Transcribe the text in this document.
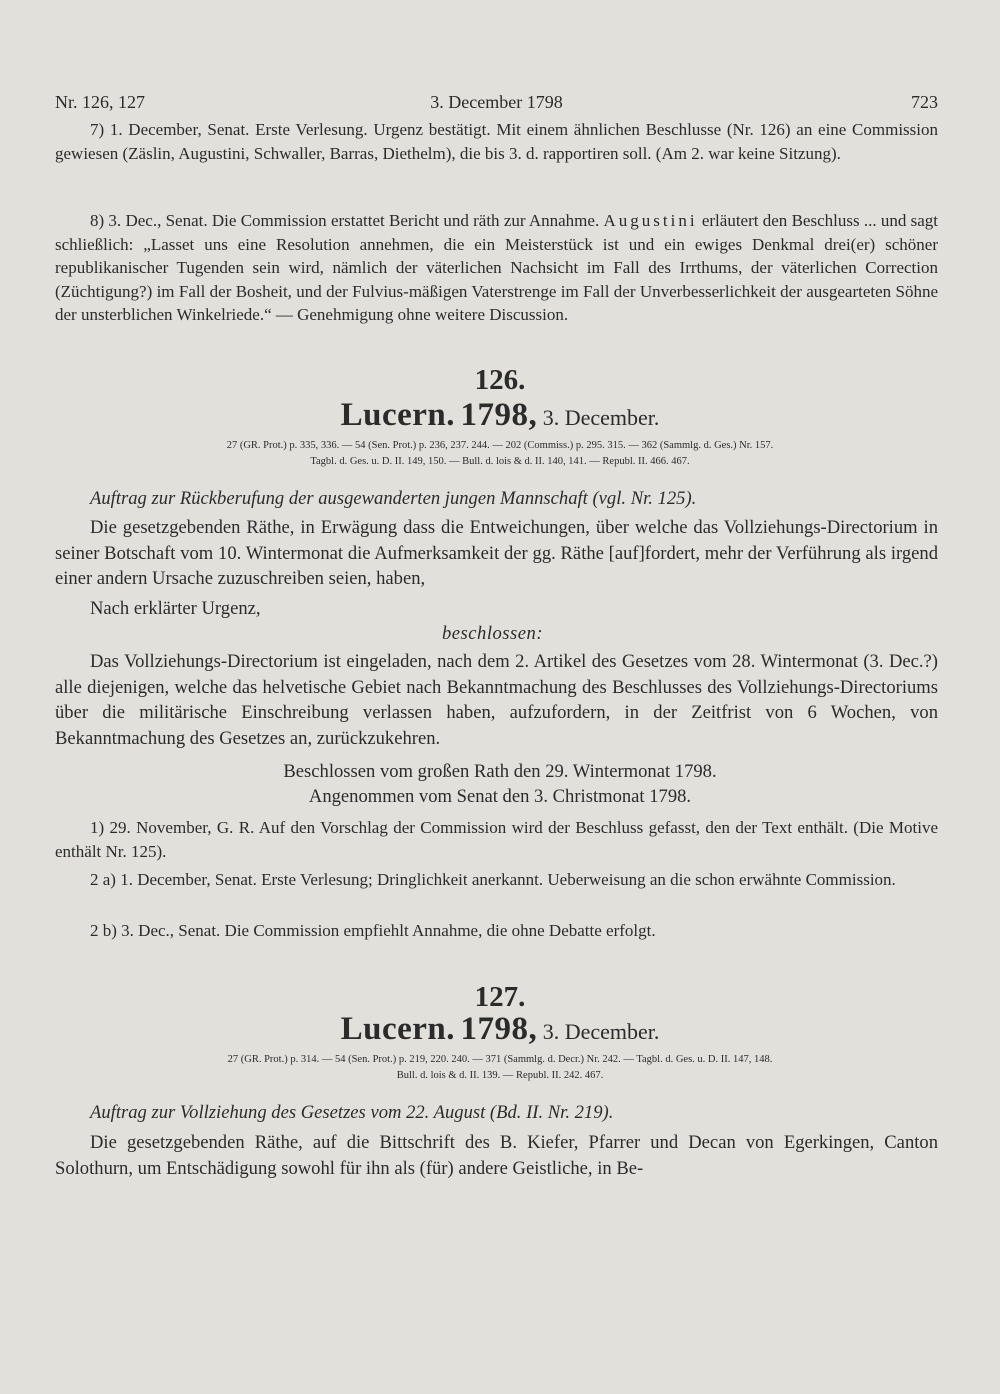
Nr. 126, 127	3. December 1798	723

7) 1. December, Senat. Erste Verlesung. Urgenz bestätigt. Mit einem ähnlichen Beschlusse (Nr. 126) an eine Commission gewiesen (Zäslin, Augustini, Schwaller, Barras, Diethelm), die bis 3. d. rapportiren soll. (Am 2. war keine Sitzung).

8) 3. Dec., Senat. Die Commission erstattet Bericht und räth zur Annahme. Augustini erläutert den Beschluss ... und sagt schließlich: „Lasset uns eine Resolution annehmen, die ein Meisterstück ist und ein ewiges Denkmal drei(er) schöner republikanischer Tugenden sein wird, nämlich der väterlichen Nachsicht im Fall des Irrthums, der väterlichen Correction (Züchtigung?) im Fall der Bosheit, und der Fulvius-mäßigen Vaterstrenge im Fall der Unverbesserlichkeit der ausgearteten Söhne der unsterblichen Winkelriede.“ — Genehmigung ohne weitere Discussion.

126.
Lucern. 1798, 3. December.
27 (GR. Prot.) p. 335, 336. — 54 (Sen. Prot.) p. 236, 237. 244. — 202 (Commiss.) p. 295. 315. — 362 (Sammlg. d. Ges.) Nr. 157.
Tagbl. d. Ges. u. D. II. 149, 150. — Bull. d. lois & d. II. 140, 141. — Republ. II. 466. 467.
Auftrag zur Rückberufung der ausgewanderten jungen Mannschaft (vgl. Nr. 125).

Die gesetzgebenden Räthe, in Erwägung dass die Entweichungen, über welche das Vollziehungs-Directorium in seiner Botschaft vom 10. Wintermonat die Aufmerksamkeit der gg. Räthe [auf]fordert, mehr der Verführung als irgend einer andern Ursache zuzuschreiben seien, haben,

Nach erklärter Urgenz,
beschlossen:

Das Vollziehungs-Directorium ist eingeladen, nach dem 2. Artikel des Gesetzes vom 28. Wintermonat (3. Dec.?) alle diejenigen, welche das helvetische Gebiet nach Bekanntmachung des Beschlusses des Vollziehungs-Directoriums über die militärische Einschreibung verlassen haben, aufzufordern, in der Zeitfrist von 6 Wochen, von Bekanntmachung des Gesetzes an, zurückzukehren.

Beschlossen vom großen Rath den 29. Wintermonat 1798.
Angenommen vom Senat den 3. Christmonat 1798.

1) 29. November, G. R. Auf den Vorschlag der Commission wird der Beschluss gefasst, den der Text enthält. (Die Motive enthält Nr. 125).

2 a) 1. December, Senat. Erste Verlesung; Dringlichkeit anerkannt. Ueberweisung an die schon erwähnte Commission.

2 b) 3. Dec., Senat. Die Commission empfiehlt Annahme, die ohne Debatte erfolgt.

127.
Lucern. 1798, 3. December.
27 (GR. Prot.) p. 314. — 54 (Sen. Prot.) p. 219, 220. 240. — 371 (Sammlg. d. Decr.) Nr. 242. — Tagbl. d. Ges. u. D. II. 147, 148.
Bull. d. lois & d. II. 139. — Republ. II. 242. 467.
Auftrag zur Vollziehung des Gesetzes vom 22. August (Bd. II. Nr. 219).

Die gesetzgebenden Räthe, auf die Bittschrift des B. Kiefer, Pfarrer und Decan von Egerkingen, Canton Solothurn, um Entschädigung sowohl für ihn als (für) andere Geistliche, in Be-
